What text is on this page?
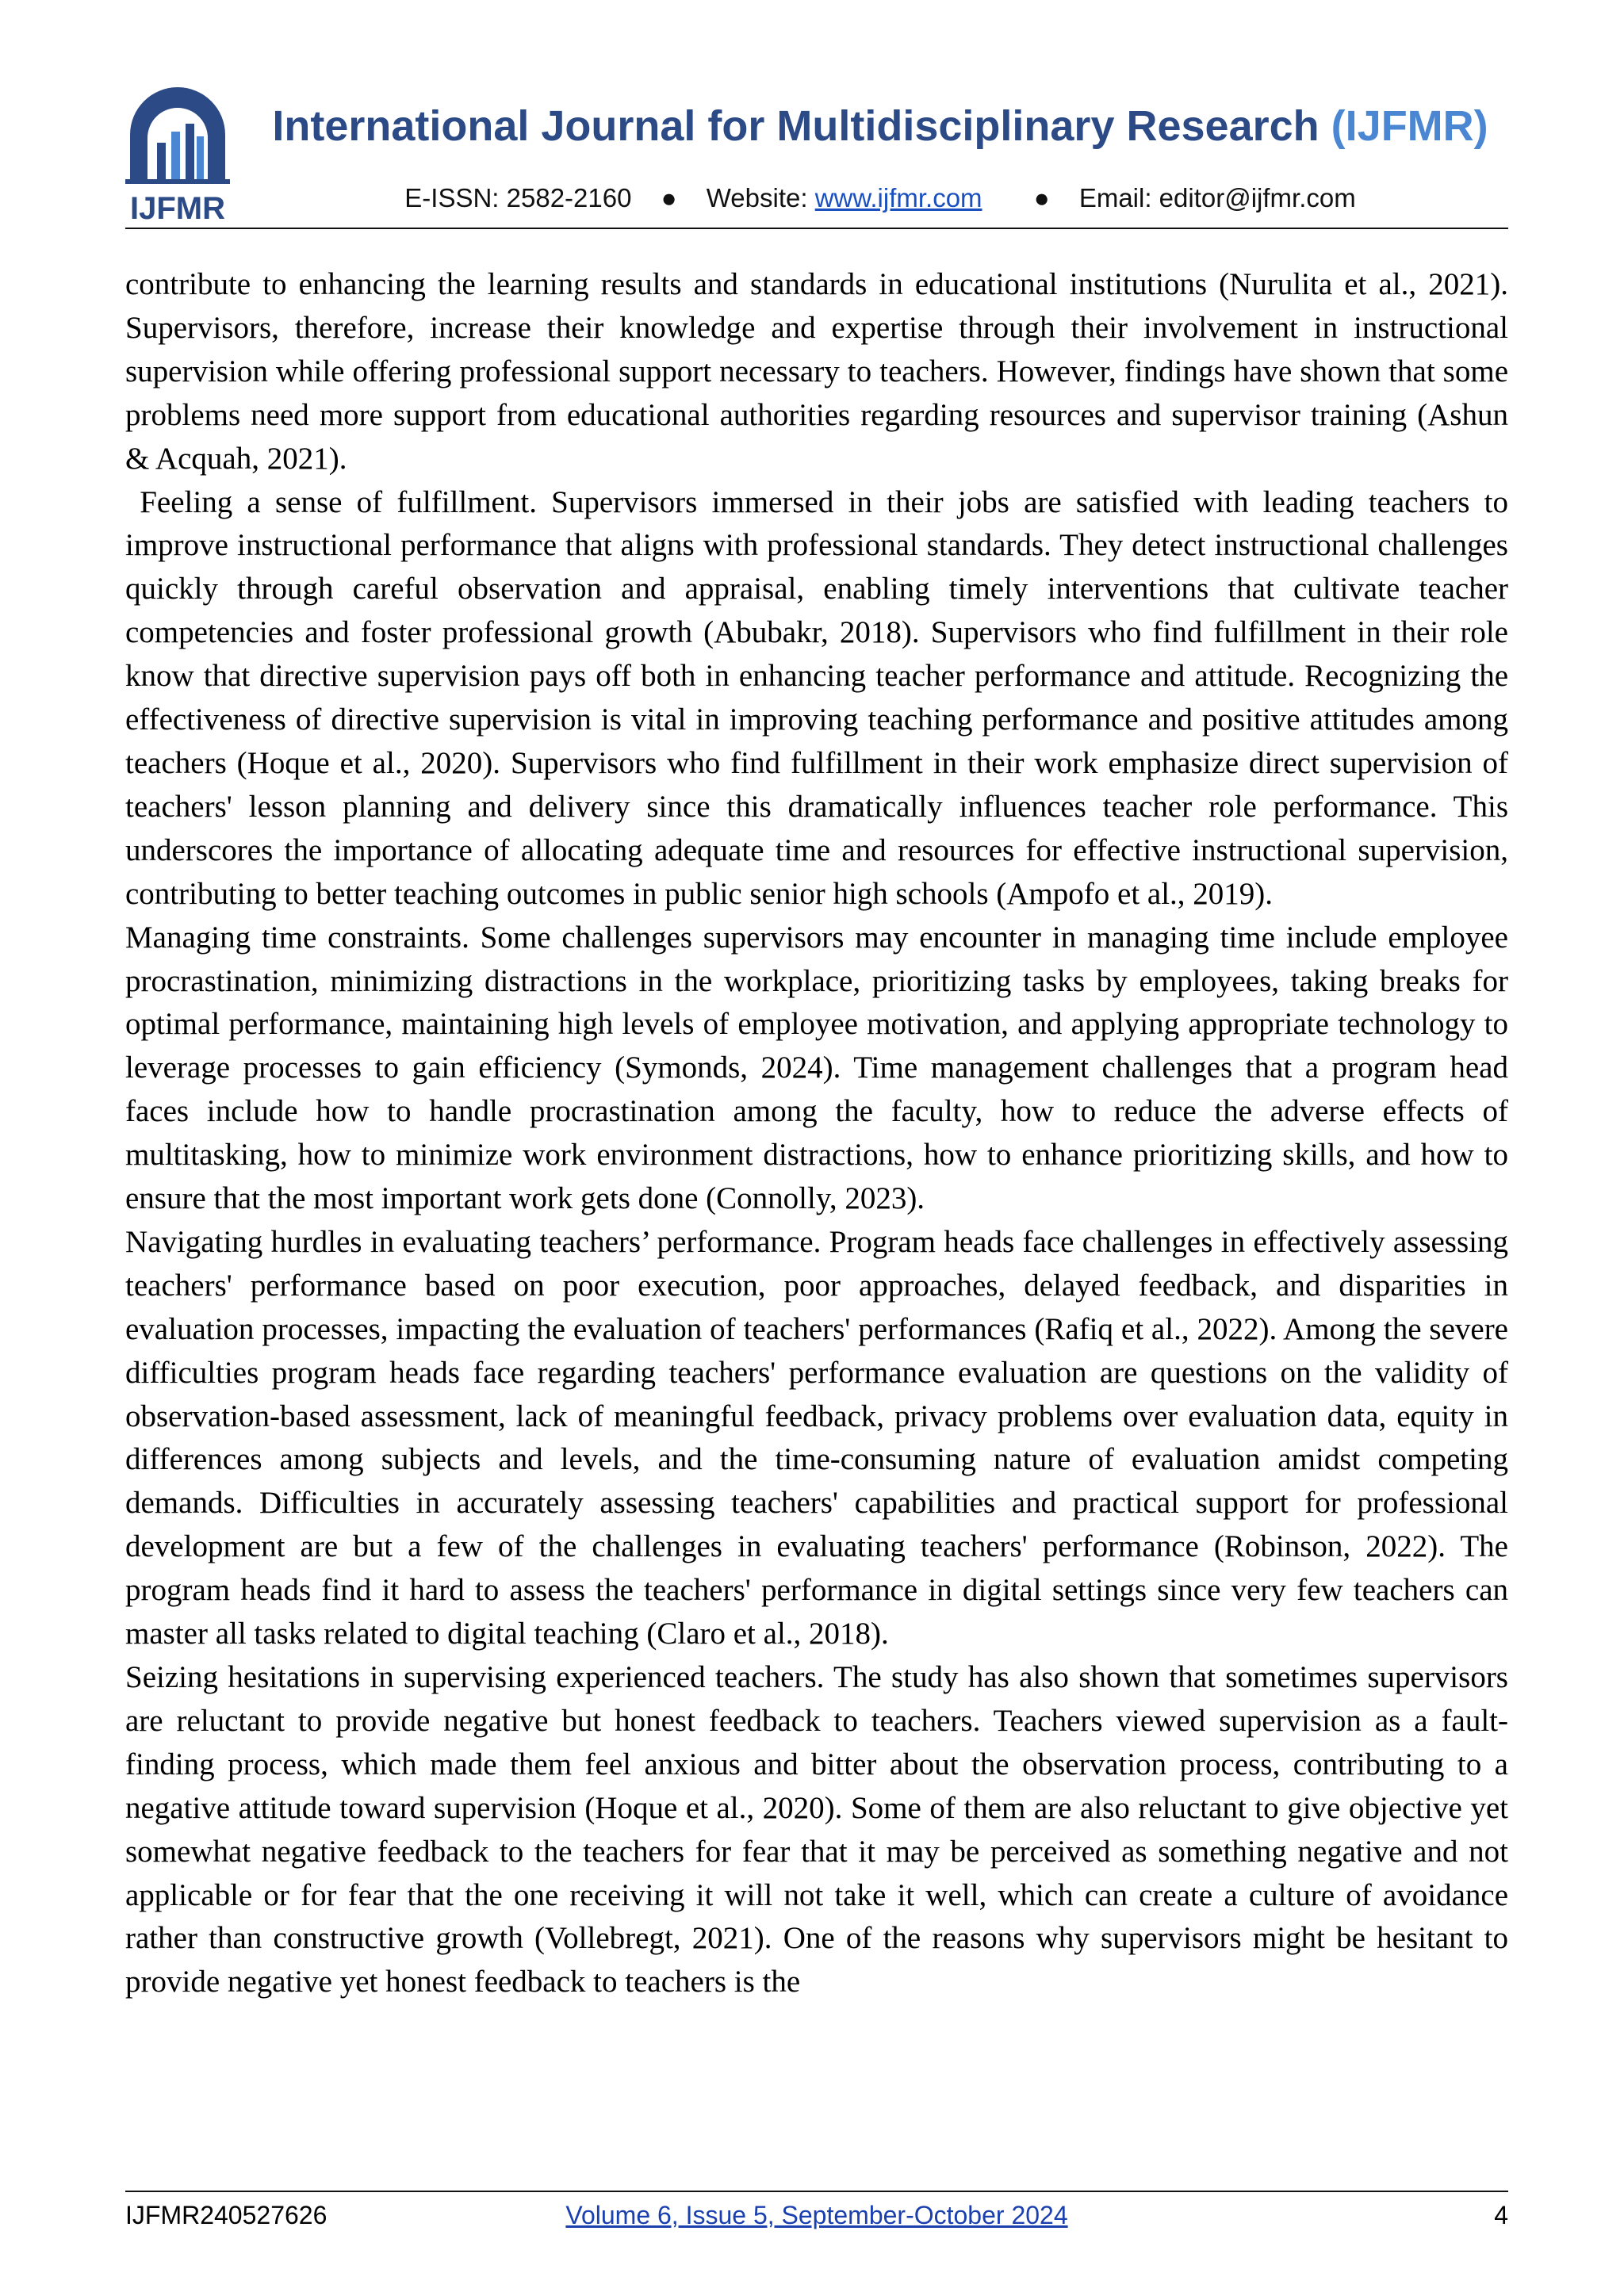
IJFMR
International Journal for Multidisciplinary Research (IJFMR)
E-ISSN: 2582-2160 ● Website: www.ijfmr.com ● Email: editor@ijfmr.com

contribute to enhancing the learning results and standards in educational institutions (Nurulita et al., 2021). Supervisors, therefore, increase their knowledge and expertise through their involvement in instructional supervision while offering professional support necessary to teachers. However, findings have shown that some problems need more support from educational authorities regarding resources and supervisor training (Ashun & Acquah, 2021).

Feeling a sense of fulfillment. Supervisors immersed in their jobs are satisfied with leading teachers to improve instructional performance that aligns with professional standards. They detect instructional challenges quickly through careful observation and appraisal, enabling timely interventions that cultivate teacher competencies and foster professional growth (Abubakr, 2018). Supervisors who find fulfillment in their role know that directive supervision pays off both in enhancing teacher performance and attitude. Recognizing the effectiveness of directive supervision is vital in improving teaching performance and positive attitudes among teachers (Hoque et al., 2020). Supervisors who find fulfillment in their work emphasize direct supervision of teachers' lesson planning and delivery since this dramatically influences teacher role performance. This underscores the importance of allocating adequate time and resources for effective instructional supervision, contributing to better teaching outcomes in public senior high schools (Ampofo et al., 2019).

Managing time constraints. Some challenges supervisors may encounter in managing time include employee procrastination, minimizing distractions in the workplace, prioritizing tasks by employees, taking breaks for optimal performance, maintaining high levels of employee motivation, and applying appropriate technology to leverage processes to gain efficiency (Symonds, 2024). Time management challenges that a program head faces include how to handle procrastination among the faculty, how to reduce the adverse effects of multitasking, how to minimize work environment distractions, how to enhance prioritizing skills, and how to ensure that the most important work gets done (Connolly, 2023).

Navigating hurdles in evaluating teachers’ performance. Program heads face challenges in effectively assessing teachers' performance based on poor execution, poor approaches, delayed feedback, and disparities in evaluation processes, impacting the evaluation of teachers' performances (Rafiq et al., 2022). Among the severe difficulties program heads face regarding teachers' performance evaluation are questions on the validity of observation-based assessment, lack of meaningful feedback, privacy problems over evaluation data, equity in differences among subjects and levels, and the time-consuming nature of evaluation amidst competing demands. Difficulties in accurately assessing teachers' capabilities and practical support for professional development are but a few of the challenges in evaluating teachers' performance (Robinson, 2022). The program heads find it hard to assess the teachers' performance in digital settings since very few teachers can master all tasks related to digital teaching (Claro et al., 2018).

Seizing hesitations in supervising experienced teachers. The study has also shown that sometimes supervisors are reluctant to provide negative but honest feedback to teachers. Teachers viewed supervision as a fault-finding process, which made them feel anxious and bitter about the observation process, contributing to a negative attitude toward supervision (Hoque et al., 2020). Some of them are also reluctant to give objective yet somewhat negative feedback to the teachers for fear that it may be perceived as something negative and not applicable or for fear that the one receiving it will not take it well, which can create a culture of avoidance rather than constructive growth (Vollebregt, 2021). One of the reasons why supervisors might be hesitant to provide negative yet honest feedback to teachers is the

IJFMR240527626	Volume 6, Issue 5, September-October 2024	4
